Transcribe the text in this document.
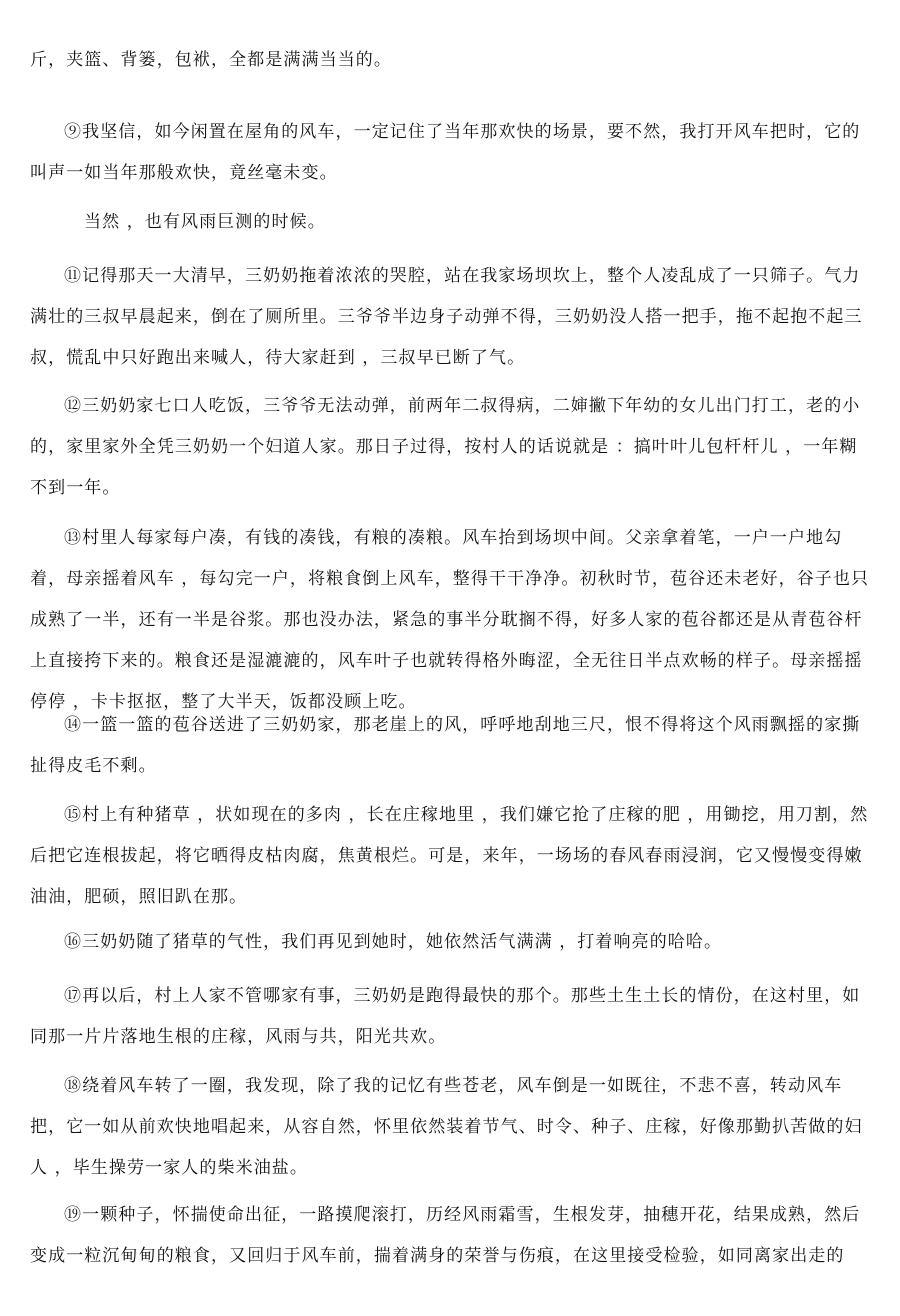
斤，夹篮、背篓，包袱，全都是满满当当的。

⑨我坚信，如今闲置在屋角的风车，一定记住了当年那欢快的场景，要不然，我打开风车把时，它的叫声一如当年那般欢快，竟丝毫未变。

当然 ，也有风雨巨测的时候。

⑪记得那天一大清早，三奶奶拖着浓浓的哭腔，站在我家场坝坎上，整个人凌乱成了一只筛子。气力满壮的三叔早晨起来，倒在了厕所里。三爷爷半边身子动弹不得，三奶奶没人搭一把手，拖不起抱不起三叔，慌乱中只好跑出来喊人，待大家赶到 ，三叔早已断了气。

⑫三奶奶家七口人吃饭，三爷爷无法动弹，前两年二叔得病，二婶撇下年幼的女儿出门打工，老的小的，家里家外全凭三奶奶一个妇道人家。那日子过得，按村人的话说就是 ：搞叶叶儿包杆杆儿 ，一年糊不到一年。

⑬村里人每家每户凑，有钱的凑钱，有粮的凑粮。风车抬到场坝中间。父亲拿着笔，一户一户地勾着，母亲摇着风车 ，每勾完一户，将粮食倒上风车，整得干干净净。初秋时节，苞谷还未老好，谷子也只成熟了一半，还有一半是谷浆。那也没办法，紧急的事半分耽搁不得，好多人家的苞谷都还是从青苞谷杆上直接挎下来的。粮食还是湿漉漉的，风车叶子也就转得格外晦涩，全无往日半点欢畅的样子。母亲摇摇停停 ，卡卡抠抠，整了大半天，饭都没顾上吃。

⑭一篮一篮的苞谷送进了三奶奶家，那老崖上的风，呼呼地刮地三尺，恨不得将这个风雨飘摇的家撕扯得皮毛不剩。

⑮村上有种猪草 ，状如现在的多肉 ，长在庄稼地里 ，我们嫌它抢了庄稼的肥 ，用锄挖，用刀割，然后把它连根拔起，将它晒得皮枯肉腐，焦黄根烂。可是，来年，一场场的春风春雨浸润，它又慢慢变得嫩油油，肥硕，照旧趴在那。

⑯三奶奶随了猪草的气性，我们再见到她时，她依然活气满满 ，打着响亮的哈哈。

⑰再以后，村上人家不管哪家有事，三奶奶是跑得最快的那个。那些土生土长的情份，在这村里，如同那一片片落地生根的庄稼，风雨与共，阳光共欢。

⑱绕着风车转了一圈，我发现，除了我的记忆有些苍老，风车倒是一如既往，不悲不喜，转动风车把，它一如从前欢快地唱起来，从容自然，怀里依然装着节气、时令、种子、庄稼，好像那勤扒苦做的妇人 ，毕生操劳一家人的柴米油盐。

⑲一颗种子，怀揣使命出征，一路摸爬滚打，历经风雨霜雪，生根发芽，抽穗开花，结果成熟，然后变成一粒沉甸甸的粮食，又回归于风车前，揣着满身的荣誉与伤痕，在这里接受检验，如同离家出走的
